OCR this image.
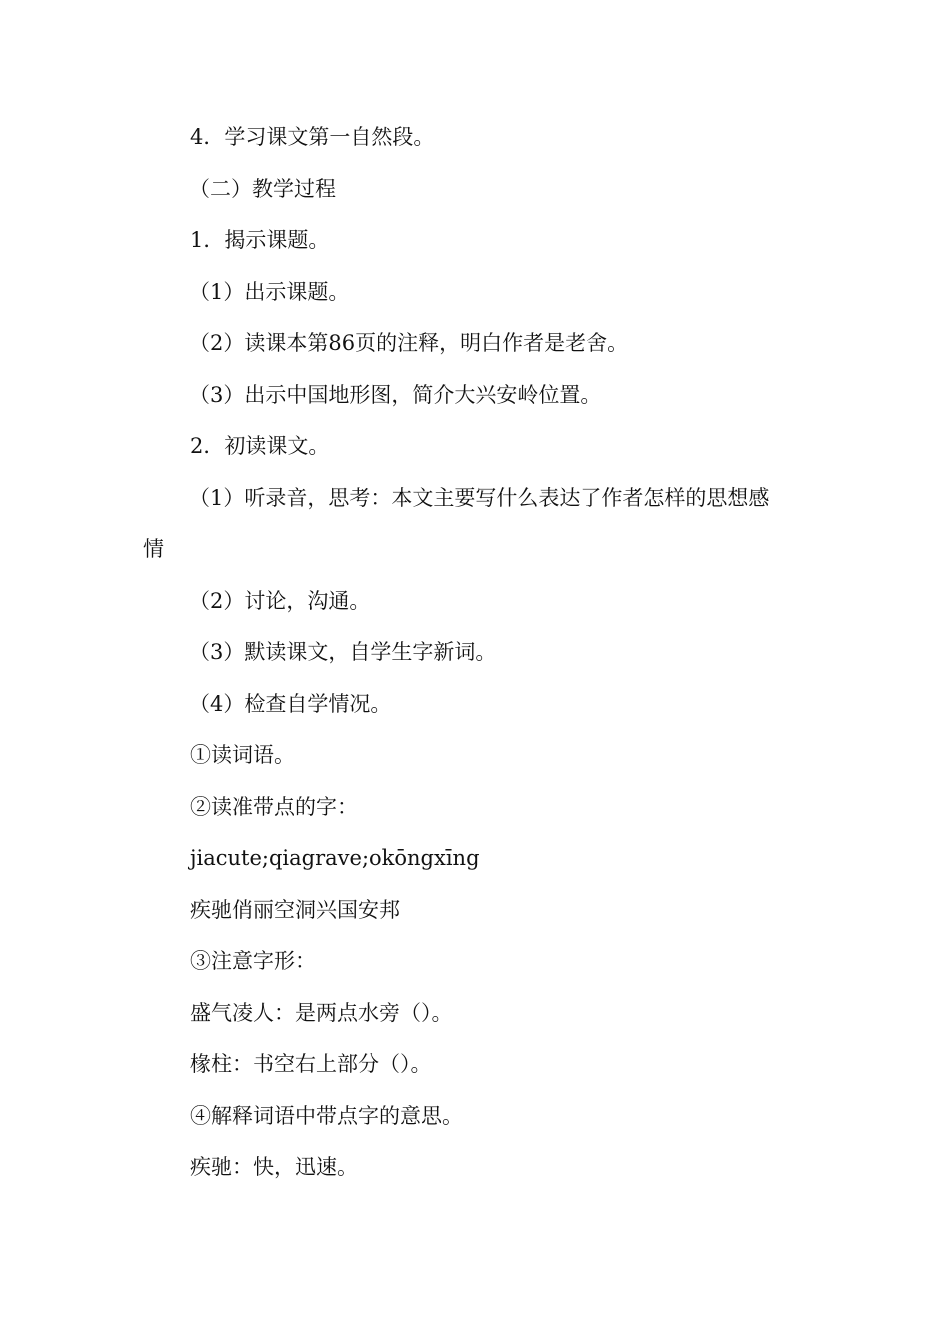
4．学习课文第一自然段。

（二）教学过程

1．揭示课题。

（1）出示课题。

（2）读课本第86页的注释，明白作者是老舍。

（3）出示中国地形图，简介大兴安岭位置。

2．初读课文。

（1）听录音，思考：本文主要写什么表达了作者怎样的思想感

情

（2）讨论，沟通。

（3）默读课文，自学生字新词。

（4）检查自学情况。

①读词语。

②读准带点的字：

jiacute;qiagrave;okōngxīng

疾驰俏丽空洞兴国安邦

③注意字形：

盛气凌人：是两点水旁（）。

椽柱：书空右上部分（）。

④解释词语中带点字的意思。

疾驰：快，迅速。
